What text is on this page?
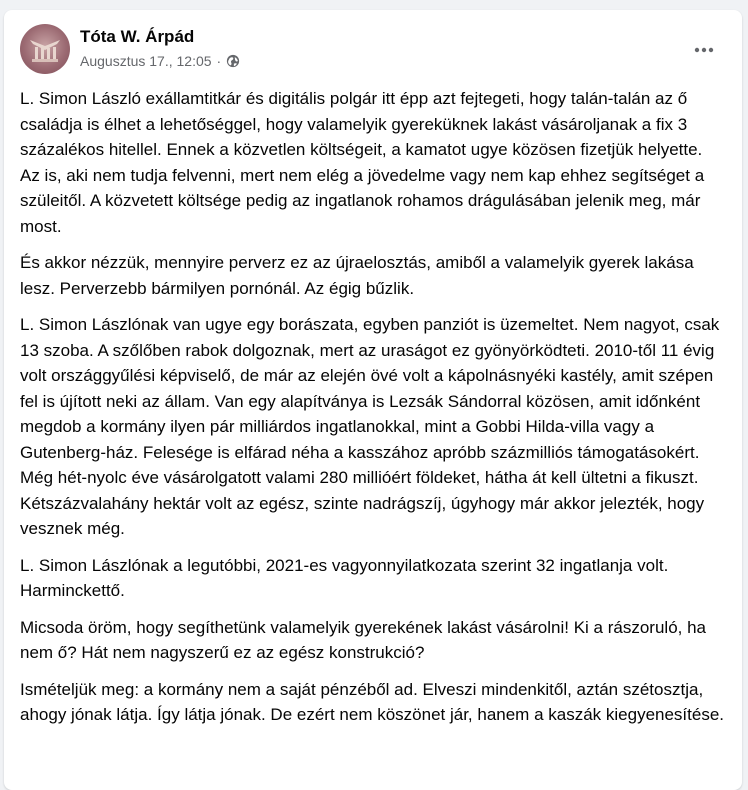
Tóta W. Árpád
Augusztus 17., 12:05 ·

L. Simon László exállamtitkár és digitális polgár itt épp azt fejtegeti, hogy talán-talán az ő családja is élhet a lehetőséggel, hogy valamelyik gyereküknek lakást vásároljanak a fix 3 százalékos hitellel. Ennek a közvetlen költségeit, a kamatot ugye közösen fizetjük helyette. Az is, aki nem tudja felvenni, mert nem elég a jövedelme vagy nem kap ehhez segítséget a szüleitől. A közvetett költsége pedig az ingatlanok rohamos drágulásában jelenik meg, már most.

És akkor nézzük, mennyire perverz ez az újraelosztás, amiből a valamelyik gyerek lakása lesz. Perverzebb bármilyen pornónál. Az égig bűzlik.

L. Simon Lászlónak van ugye egy borászata, egyben panziót is üzemeltet. Nem nagyot, csak 13 szoba. A szőlőben rabok dolgoznak, mert az uraságot ez gyönyörködteti. 2010-től 11 évig volt országgyűlési képviselő, de már az elején övé volt a kápolnásnyéki kastély, amit szépen fel is újított neki az állam. Van egy alapítványa is Lezsák Sándorral közösen, amit időnként megdob a kormány ilyen pár milliárdos ingatlanokkal, mint a Gobbi Hilda-villa vagy a Gutenberg-ház. Felesége is elfárad néha a kasszához apróbb százmilliós támogatásokért. Még hét-nyolc éve vásárolgatott valami 280 millióért földeket, hátha át kell ültetni a fikuszt. Kétszázvalahány hektár volt az egész, szinte nadrágszíj, úgyhogy már akkor jelezték, hogy vesznek még.

L. Simon Lászlónak a legutóbbi, 2021-es vagyonnyilatkozata szerint 32 ingatlanja volt. Harminckettő.

Micsoda öröm, hogy segíthetünk valamelyik gyerekének lakást vásárolni! Ki a rászoruló, ha nem ő? Hát nem nagyszerű ez az egész konstrukció?

Ismételjük meg: a kormány nem a saját pénzéből ad. Elveszi mindenkitől, aztán szétosztja, ahogy jónak látja. Így látja jónak. De ezért nem köszönet jár, hanem a kaszák kiegyenesítése.
